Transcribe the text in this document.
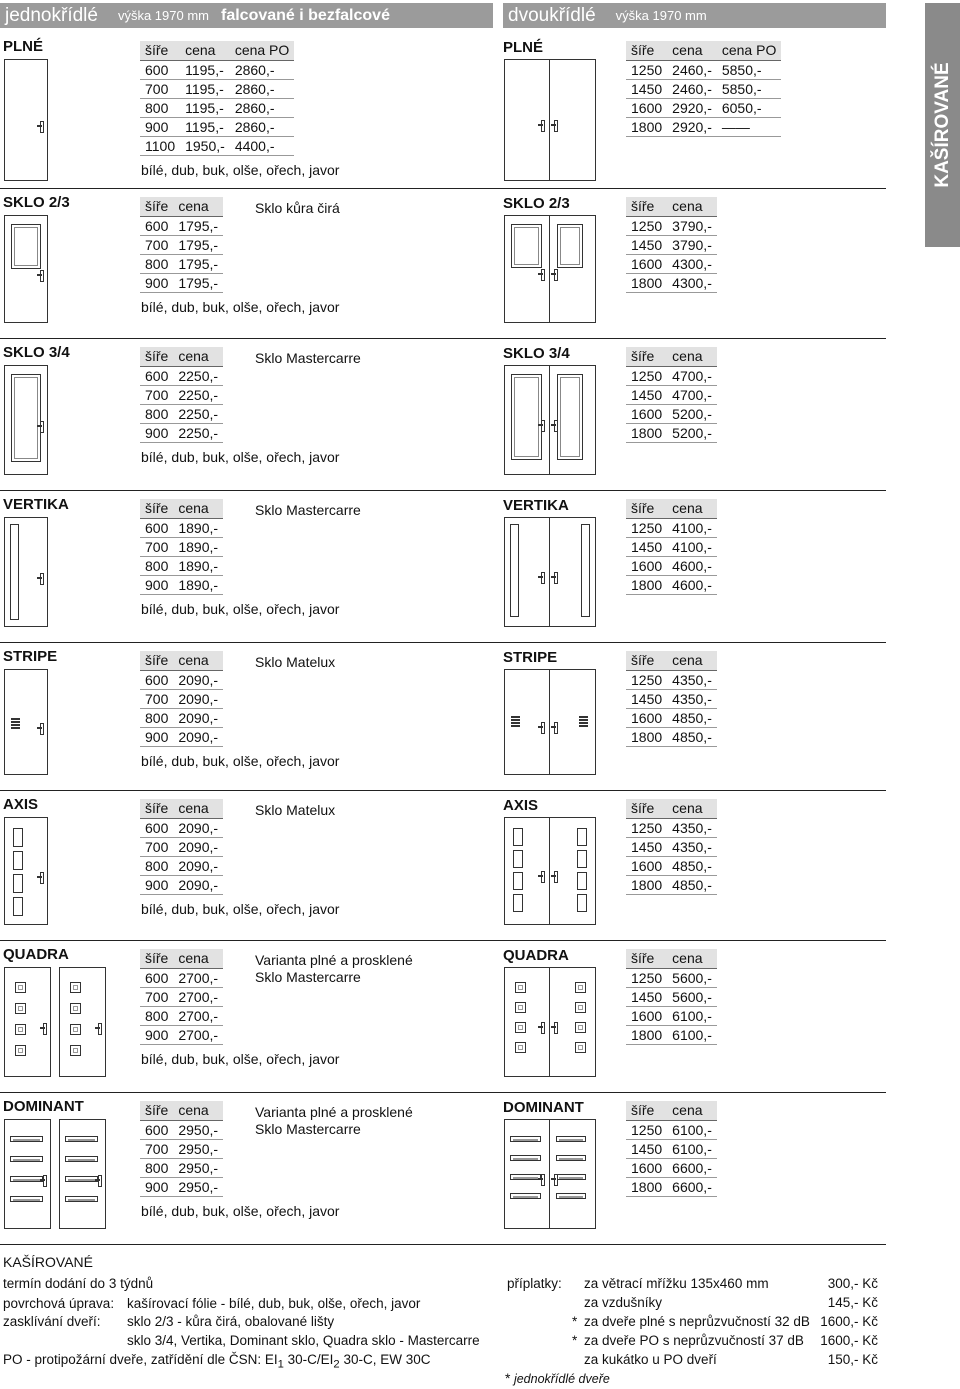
jednokřídlé výška 1970 mm falcované i bezfalcové	dvoukřídlé výška 1970 mm
KAŠÍROVANÉ
PLNÉ	PLNÉ
šíře	cena	cena PO
600	1195,-	2860,-
700	1195,-	2860,-
800	1195,-	2860,-
900	1195,-	2860,-
1100	1950,-	4400,-
šíře	cena	cena PO
1250	2460,-	5850,-
1450	2460,-	5850,-
1600	2920,-	6050,-
1800	2920,-	——
bílé, dub, buk, olše, ořech, javor
SKLO 2/3	SKLO 2/3
šíře	cena
600	1795,-
700	1795,-
800	1795,-
900	1795,-
šíře	cena
1250	3790,-
1450	3790,-
1600	4300,-
1800	4300,-
bílé, dub, buk, olše, ořech, javor
Sklo kůra čirá
SKLO 3/4	SKLO 3/4
šíře	cena
600	2250,-
700	2250,-
800	2250,-
900	2250,-
šíře	cena
1250	4700,-
1450	4700,-
1600	5200,-
1800	5200,-
bílé, dub, buk, olše, ořech, javor
Sklo Mastercarre
VERTIKA	VERTIKA
šíře	cena
600	1890,-
700	1890,-
800	1890,-
900	1890,-
šíře	cena
1250	4100,-
1450	4100,-
1600	4600,-
1800	4600,-
bílé, dub, buk, olše, ořech, javor
Sklo Mastercarre
STRIPE	STRIPE
šíře	cena
600	2090,-
700	2090,-
800	2090,-
900	2090,-
šíře	cena
1250	4350,-
1450	4350,-
1600	4850,-
1800	4850,-
bílé, dub, buk, olše, ořech, javor
Sklo Matelux
AXIS	AXIS
šíře	cena
600	2090,-
700	2090,-
800	2090,-
900	2090,-
šíře	cena
1250	4350,-
1450	4350,-
1600	4850,-
1800	4850,-
bílé, dub, buk, olše, ořech, javor
Sklo Matelux
QUADRA	QUADRA
šíře	cena
600	2700,-
700	2700,-
800	2700,-
900	2700,-
šíře	cena
1250	5600,-
1450	5600,-
1600	6100,-
1800	6100,-
bílé, dub, buk, olše, ořech, javor
Varianta plné a prosklené
Sklo Mastercarre
DOMINANT	DOMINANT
šíře	cena
600	2950,-
700	2950,-
800	2950,-
900	2950,-
šíře	cena
1250	6100,-
1450	6100,-
1600	6600,-
1800	6600,-
bílé, dub, buk, olše, ořech, javor
Varianta plné a prosklené
Sklo Mastercarre
KAŠÍROVANÉ
termín dodání do 3 týdnů
povrchová úprava: kašírovací fólie - bílé, dub, buk, olše, ořech, javor
zasklívání dveří: sklo 2/3 - kůra čirá, obalované lišty
sklo 3/4, Vertika, Dominant sklo, Quadra sklo - Mastercarre
PO - protipožární dveře, zatřídění dle ČSN: $EI_1$ $30-C/EI_2$ 30-C, EW 30C
příplatky: za větrací mřížku 135x460 mm	300,- Kč
za vzdušníky	145,- Kč
* za dveře plné s neprůzvučností 32 dB 1600,- Kč
* za dveře PO s neprůzvučností 37 dB	1600,- Kč
za kukátko u PO dveří	150,- Kč
* jednokřídlé dveře
